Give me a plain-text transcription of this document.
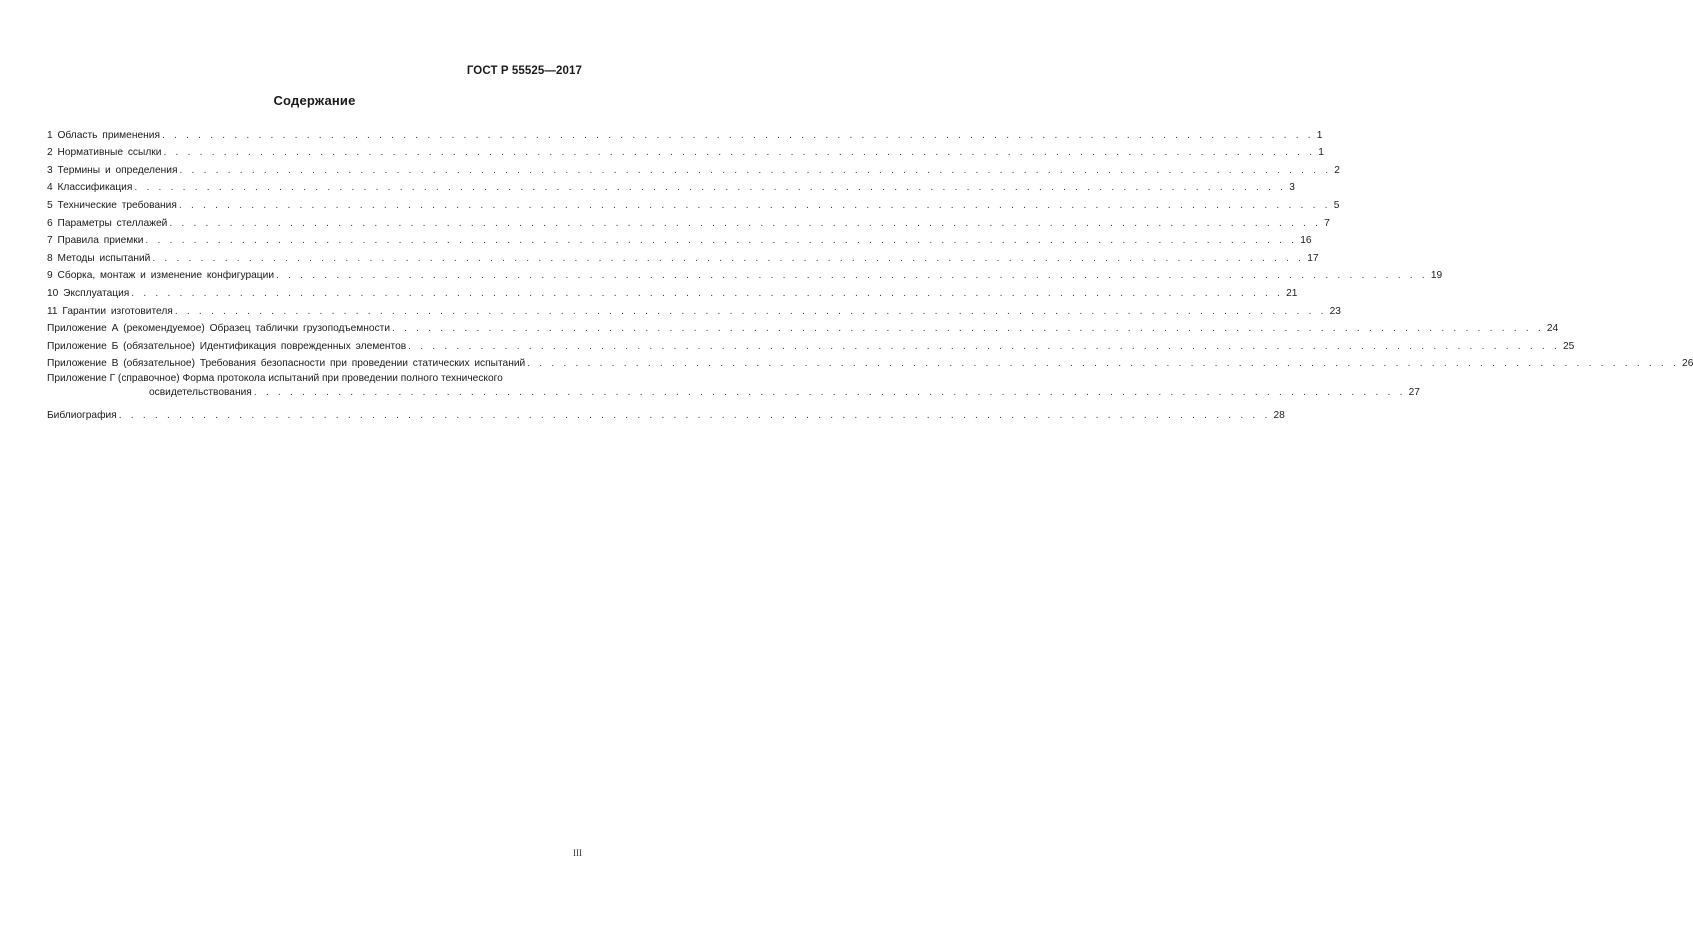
ГОСТ Р 55525—2017
Содержание
1 Область применения . . . . . . . . . . . . . . . . . . . . . . . . . . . . . . . . . . . . . . . . . . . . . . . . . . . . . . . . . . . . . . . . . . . . . . . . . . . . . . . . . . . . . . . . . . . . . . . . 1
2 Нормативные ссылки . . . . . . . . . . . . . . . . . . . . . . . . . . . . . . . . . . . . . . . . . . . . . . . . . . . . . . . . . . . . . . . . . . . . . . . . . . . . . . . . . . . . . . . . . . . . . . . . 1
3 Термины и определения . . . . . . . . . . . . . . . . . . . . . . . . . . . . . . . . . . . . . . . . . . . . . . . . . . . . . . . . . . . . . . . . . . . . . . . . . . . . . . . . . . . . . . . . . . . . . . . . 2
4 Классификация . . . . . . . . . . . . . . . . . . . . . . . . . . . . . . . . . . . . . . . . . . . . . . . . . . . . . . . . . . . . . . . . . . . . . . . . . . . . . . . . . . . . . . . . . . . . . . . . 3
5 Технические требования . . . . . . . . . . . . . . . . . . . . . . . . . . . . . . . . . . . . . . . . . . . . . . . . . . . . . . . . . . . . . . . . . . . . . . . . . . . . . . . . . . . . . . . . . . . . . . . . 5
6 Параметры стеллажей . . . . . . . . . . . . . . . . . . . . . . . . . . . . . . . . . . . . . . . . . . . . . . . . . . . . . . . . . . . . . . . . . . . . . . . . . . . . . . . . . . . . . . . . . . . . . . . . 7
7 Правила приемки . . . . . . . . . . . . . . . . . . . . . . . . . . . . . . . . . . . . . . . . . . . . . . . . . . . . . . . . . . . . . . . . . . . . . . . . . . . . . . . . . . . . . . . . . . . . . . . . 16
8 Методы испытаний . . . . . . . . . . . . . . . . . . . . . . . . . . . . . . . . . . . . . . . . . . . . . . . . . . . . . . . . . . . . . . . . . . . . . . . . . . . . . . . . . . . . . . . . . . . . . . . . 17
9 Сборка, монтаж и изменение конфигурации . . . . . . . . . . . . . . . . . . . . . . . . . . . . . . . . . . . . . . . . . . . . . . . . . . . . . . . . . . . . . . . . . . . . . . . . . . . . . . . . . . . . . . . . . . . . . . . . 19
10 Эксплуатация . . . . . . . . . . . . . . . . . . . . . . . . . . . . . . . . . . . . . . . . . . . . . . . . . . . . . . . . . . . . . . . . . . . . . . . . . . . . . . . . . . . . . . . . . . . . . . . . 21
11 Гарантии изготовителя . . . . . . . . . . . . . . . . . . . . . . . . . . . . . . . . . . . . . . . . . . . . . . . . . . . . . . . . . . . . . . . . . . . . . . . . . . . . . . . . . . . . . . . . . . . . . . . . 23
Приложение А (рекомендуемое) Образец таблички грузоподъемности . . . . . . . . . . . . . . . . . . . . . . . . . . . . . . . . . . . . . . . . . . . . . . . . . . . . . . . . . . . . . . . . . . . . . . . . . . . . . . . . . . . . . . . . . . . . . . . . 24
Приложение Б (обязательное) Идентификация поврежденных элементов . . . . . . . . . . . . . . . . . . . . . . . . . . . . . . . . . . . . . . . . . . . . . . . . . . . . . . . . . . . . . . . . . . . . . . . . . . . . . . . . . . . . . . . . . . . . . . . . 25
Приложение В (обязательное) Требования безопасности при проведении статических испытаний . . . . . . . . . . . . . . . . . . . . . . . . . . . . . . . . . . . . . . . . . . . . . . . . . . . . . . . . . . . . . . . . . . . . . . . . . . . . . . . . . . . . . . . . . . . . . . . . 26
Приложение Г (справочное) Форма протокола испытаний при проведении полного технического
освидетельствования . . . . . . . . . . . . . . . . . . . . . . . . . . . . . . . . . . . . . . . . . . . . . . . . . . . . . . . . . . . . . . . . . . . . . . . . . . . . . . . . . . . . . . . . . . . . . . . . 27
Библиография . . . . . . . . . . . . . . . . . . . . . . . . . . . . . . . . . . . . . . . . . . . . . . . . . . . . . . . . . . . . . . . . . . . . . . . . . . . . . . . . . . . . . . . . . . . . . . . . 28
III
